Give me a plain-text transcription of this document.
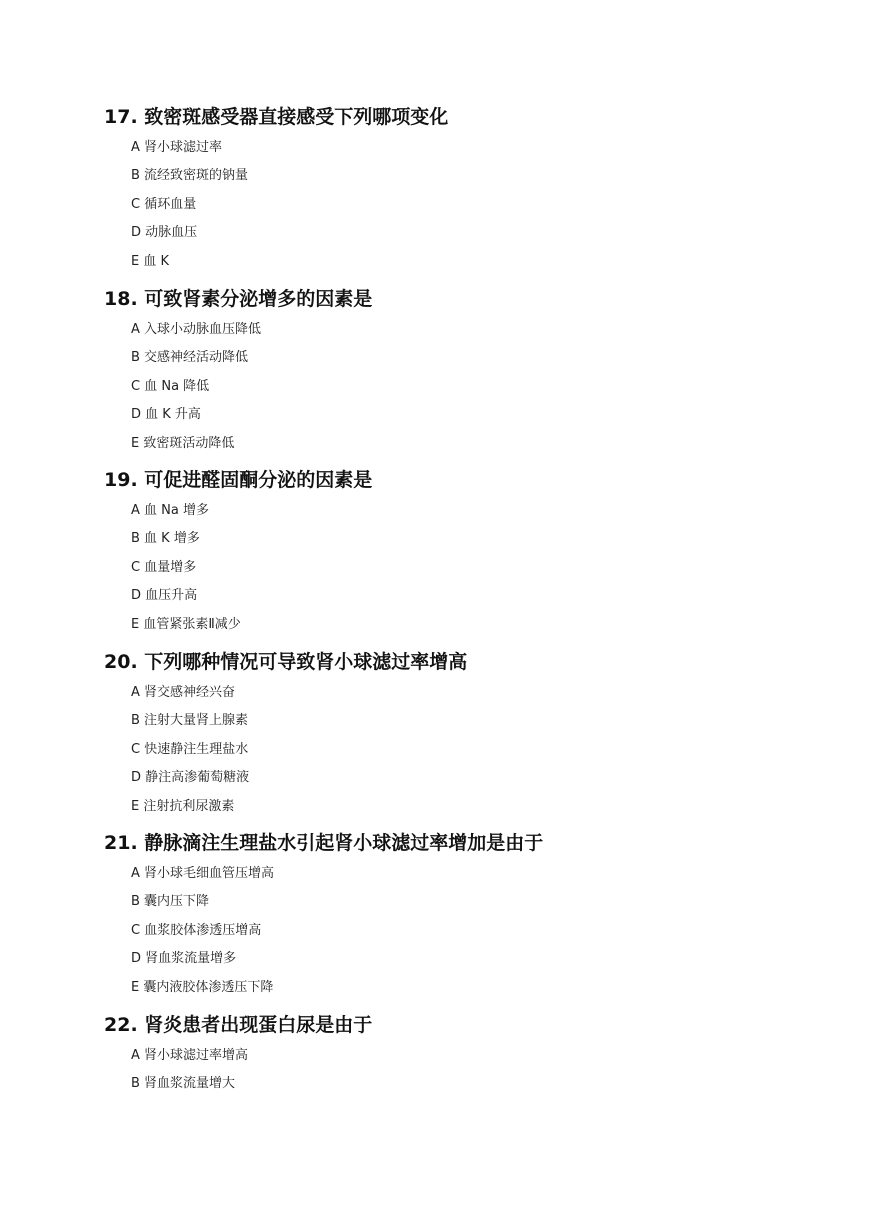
17. 致密斑感受器直接感受下列哪项变化
A 肾小球滤过率
B 流经致密斑的钠量
C 循环血量
D 动脉血压
E 血 K
18. 可致肾素分泌增多的因素是
A 入球小动脉血压降低
B 交感神经活动降低
C 血 Na 降低
D 血 K 升高
E 致密斑活动降低
19. 可促进醛固酮分泌的因素是
A 血 Na 增多
B 血 K 增多
C 血量增多
D 血压升高
E 血管紧张素Ⅱ减少
20. 下列哪种情况可导致肾小球滤过率增高
A 肾交感神经兴奋
B 注射大量肾上腺素
C 快速静注生理盐水
D 静注高渗葡萄糖液
E 注射抗利尿激素
21. 静脉滴注生理盐水引起肾小球滤过率增加是由于
A 肾小球毛细血管压增高
B 囊内压下降
C 血浆胶体渗透压增高
D 肾血浆流量增多
E 囊内液胶体渗透压下降
22. 肾炎患者出现蛋白尿是由于
A 肾小球滤过率增高
B 肾血浆流量增大
